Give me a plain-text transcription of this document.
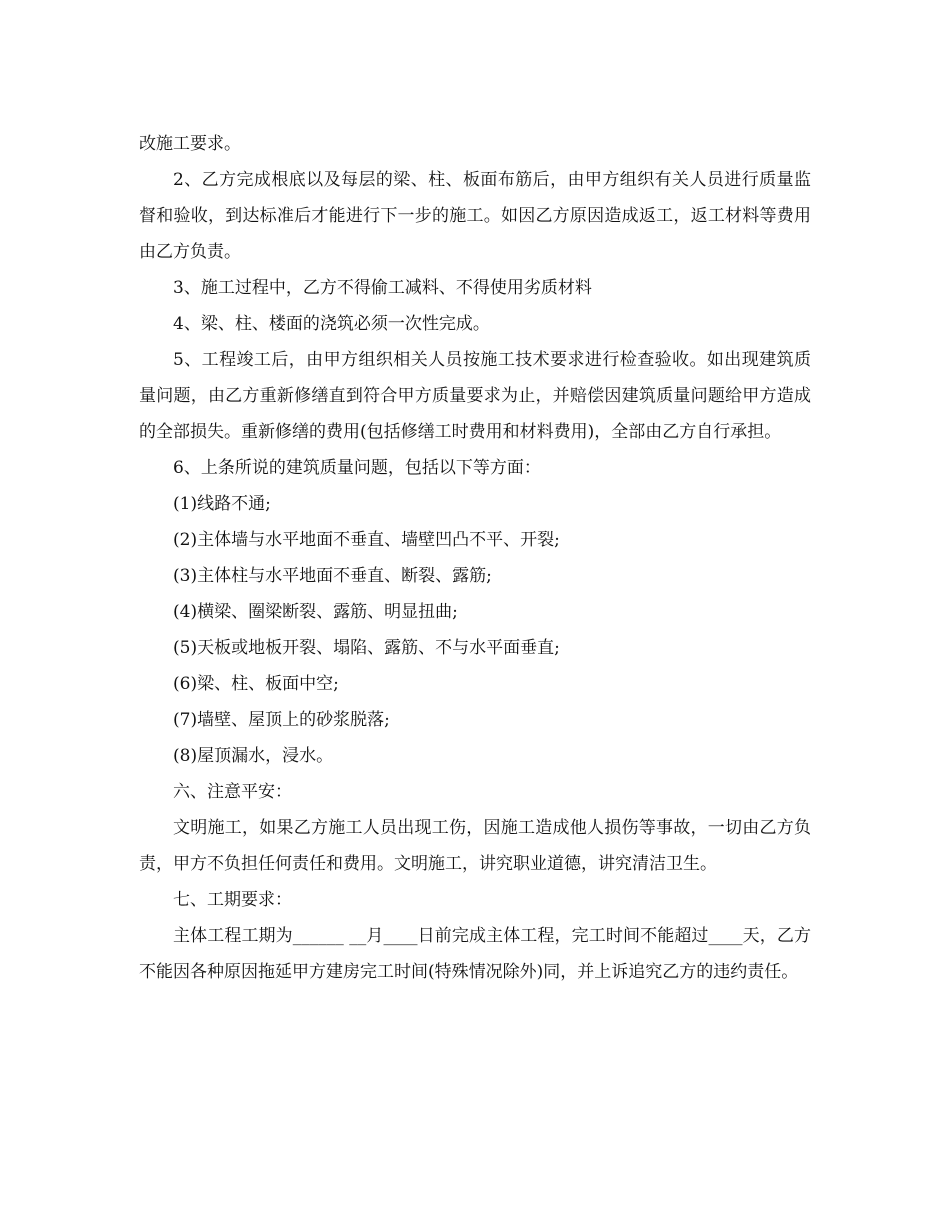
改施工要求。

2、乙方完成根底以及每层的梁、柱、板面布筋后，由甲方组织有关人员进行质量监督和验收，到达标准后才能进行下一步的施工。如因乙方原因造成返工，返工材料等费用由乙方负责。

3、施工过程中，乙方不得偷工减料、不得使用劣质材料

4、梁、柱、楼面的浇筑必须一次性完成。

5、工程竣工后，由甲方组织相关人员按施工技术要求进行检查验收。如出现建筑质量问题，由乙方重新修缮直到符合甲方质量要求为止，并赔偿因建筑质量问题给甲方造成的全部损失。重新修缮的费用(包括修缮工时费用和材料费用)，全部由乙方自行承担。

6、上条所说的建筑质量问题，包括以下等方面：

(1)线路不通;

(2)主体墙与水平地面不垂直、墙壁凹凸不平、开裂;

(3)主体柱与水平地面不垂直、断裂、露筋;

(4)横梁、圈梁断裂、露筋、明显扭曲;

(5)天板或地板开裂、塌陷、露筋、不与水平面垂直;

(6)梁、柱、板面中空;

(7)墙壁、屋顶上的砂浆脱落;

(8)屋顶漏水，浸水。

六、注意平安：

文明施工，如果乙方施工人员出现工伤，因施工造成他人损伤等事故，一切由乙方负责，甲方不负担任何责任和费用。文明施工，讲究职业道德，讲究清洁卫生。

七、工期要求：

主体工程工期为______ __月____日前完成主体工程，完工时间不能超过____天，乙方不能因各种原因拖延甲方建房完工时间(特殊情况除外)同，并上诉追究乙方的违约责任。
